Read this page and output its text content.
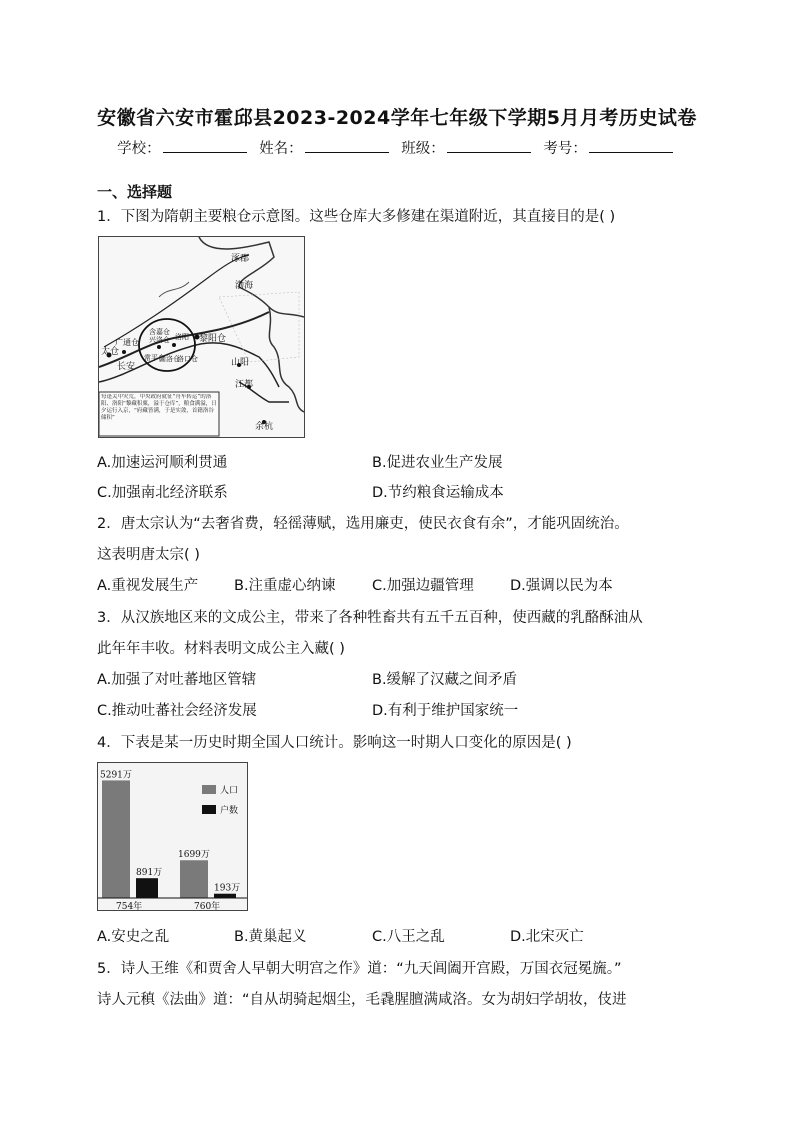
安徽省六安市霍邱县2023-2024学年七年级下学期5月月考历史试卷
学校：	姓名：	班级：	考号：
一、选择题
1．下图为隋朝主要粮仓示意图。这些仓库大多修建在渠道附近，其直接目的是( )
涿郡
渤海
洛阳
含嘉仓
兴洛仓	黎阳仓
广通仓
太仓
长安
常平仓
回洛仓
洛口仓	山阳
江都
余杭
每逢关中灾荒，中央政府就征“舟车转运”的洛阳、洛阳“黎藏积粟，溢于仓库”，粮食满溢，日夕运行入京，“府藏皆满，于是实敛，首籍洛谷储积”
A.加速运河顺利贯通	B.促进农业生产发展
C.加强南北经济联系	D.节约粮食运输成本
2．唐太宗认为“去奢省费，轻徭薄赋，选用廉吏，使民衣食有余”，才能巩固统治。
这表明唐太宗( )
A.重视发展生产 B.注重虚心纳谏	C.加强边疆管理	D.强调以民为本
3．从汉族地区来的文成公主，带来了各种牲畜共有五千五百种，使西藏的乳酪酥油从
此年年丰收。材料表明文成公主入藏( )
A.加强了对吐蕃地区管辖	B.缓解了汉藏之间矛盾
C.推动吐蕃社会经济发展	D.有利于维护国家统一
4．下表是某一历史时期全国人口统计。影响这一时期人口变化的原因是( )
5291万
891万
754年
1699万
193万
760年
人口
户数
A.安史之乱	B.黄巢起义	C.八王之乱	D.北宋灭亡
5．诗人王维《和贾舍人早朝大明宫之作》道：“九天阊阖开宫殿，万国衣冠冕旒。”
诗人元稹《法曲》道：“自从胡骑起烟尘，毛毳腥膻满咸洛。女为胡妇学胡妆，伎进
